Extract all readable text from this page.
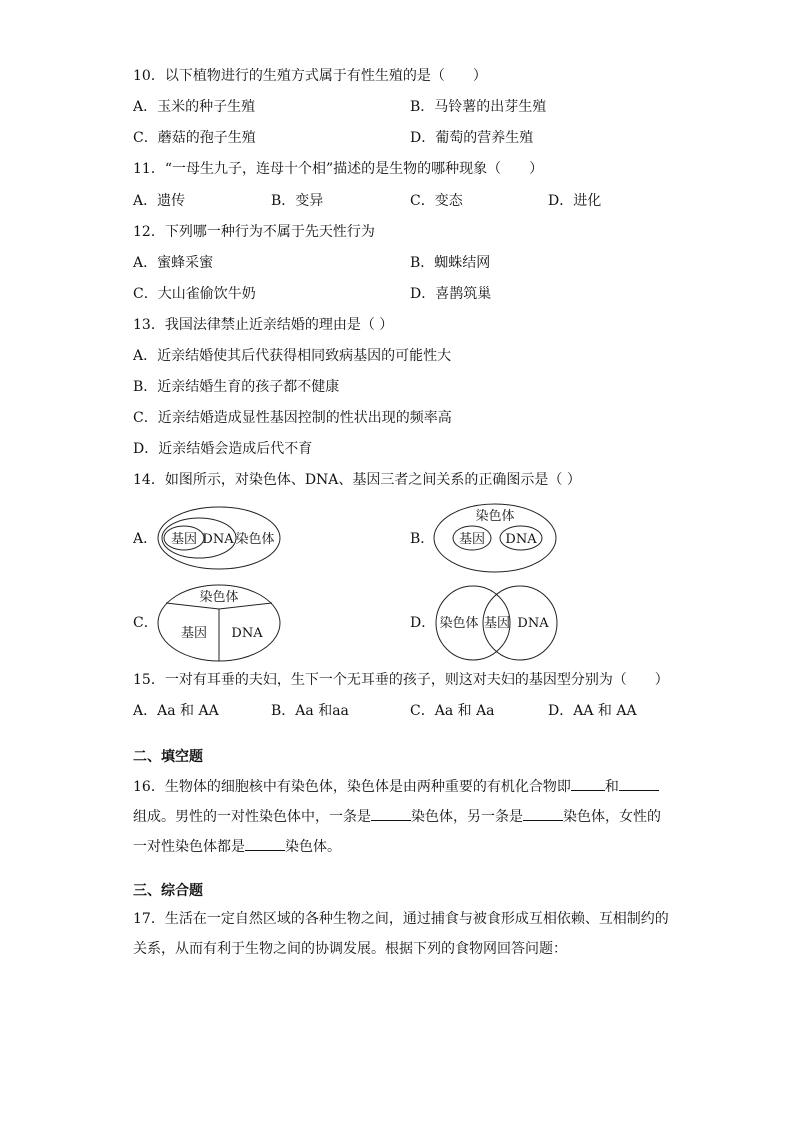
10．以下植物进行的生殖方式属于有性生殖的是（　　）
A．玉米的种子生殖	B．马铃薯的出芽生殖
C．蘑菇的孢子生殖	D．葡萄的营养生殖
11．“一母生九子，连母十个相”描述的是生物的哪种现象（　　）
A．遗传	B．变异	C．变态	D．进化
12．下列哪一种行为不属于先天性行为
A．蜜蜂采蜜	B．蜘蛛结网
C．大山雀偷饮牛奶	D．喜鹊筑巢
13．我国法律禁止近亲结婚的理由是（ ）
A．近亲结婚使其后代获得相同致病基因的可能性大
B．近亲结婚生育的孩子都不健康
C．近亲结婚造成显性基因控制的性状出现的频率高
D．近亲结婚会造成后代不育
14．如图所示，对染色体、DNA、基因三者之间关系的正确图示是（ ）
A．	B．
C．	D．
基因 DNA 染色体
染色体
基因 DNA
染色体
基因 DNA
染色体 基因 DNA
15．一对有耳垂的夫妇，生下一个无耳垂的孩子，则这对夫妇的基因型分别为（　　）
A．Aa 和 AA	B．Aa 和aa	C．Aa 和 Aa	D．AA 和 AA
二、填空题
16．生物体的细胞核中有染色体，染色体是由两种重要的有机化合物即 和
组成。男性的一对性染色体中，一条是	染色体，另一条是	染色体，女性的
一对性染色体都是	染色体。
三、综合题
17．生活在一定自然区域的各种生物之间，通过捕食与被食形成互相依赖、互相制约的
关系，从而有利于生物之间的协调发展。根据下列的食物网回答问题：
